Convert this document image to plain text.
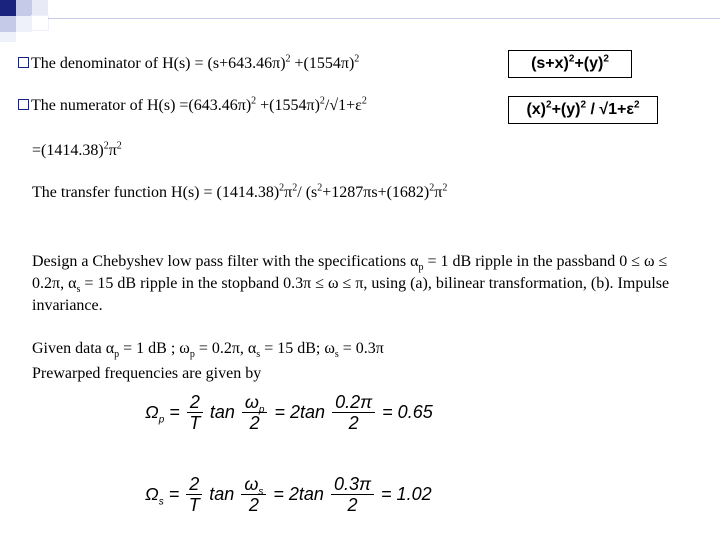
The denominator of $H(s) = (s+643.46\pi)^2 +(1554\pi)^2$
The numerator of $H(s) =(643.46\pi)^2 +(1554\pi)^2/√1+\varepsilon^2$
$(s+x)^2+(y)^2$
$(x)^2+(y)^2 / √1+\varepsilon^2$
$=(1414.38)^2\pi^2$
The transfer function $H(s) = (1414.38)^2\pi^2/$ ($s^2+1287\pi s+(1682)^2\pi^2$
Design a Chebyshev low pass filter with the specifications $\alpha_p = 1$ dB ripple in the passband 0 ≤ ω ≤ 0.2π, $\alpha_s = 15$ dB ripple in the stopband 0.3π ≤ ω ≤ π, using (a), bilinear transformation, (b). Impulse invariance.
Given data $\alpha_p = 1$ dB ; $\omega_p = 0.2\pi$, $\alpha_s = 15$ dB; $\omega_s = 0.3\pi$
Prewarped frequencies are given by
$\Omega_p = \frac{2}{T}$ $\tan \frac{\omega_p}{2} = 2\tan \frac{0.2\pi}{2} = 0.65$
$\Omega_s = \frac{2}{T}$ $\tan \frac{\omega_s}{2} = 2\tan \frac{0.3\pi}{2} = 1.02$
